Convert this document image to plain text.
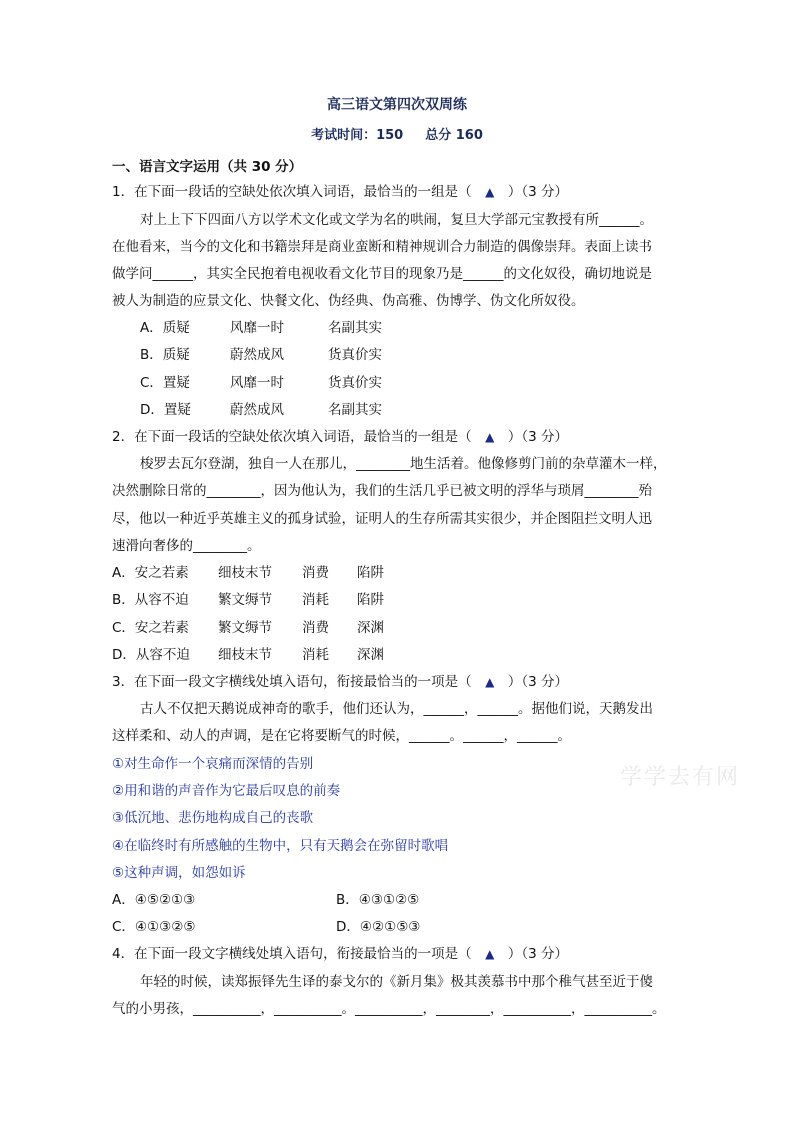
高三语文第四次双周练
考试时间：150 总分 160
一、语言文字运用（共 30 分）
1．在下面一段话的空缺处依次填入词语，最恰当的一组是（　▲　）（3 分）
对上上下下四面八方以学术文化或文学为名的哄闹，复旦大学部元宝教授有所______。
在他看来，当今的文化和书籍崇拜是商业蛮断和精神规训合力制造的偶像崇拜。表面上读书
做学问______，其实全民抱着电视收看文化节目的现象乃是______的文化奴役，确切地说是
被人为制造的应景文化、快餐文化、伪经典、伪高雅、伪博学、伪文化所奴役。
A．质疑	风靡一时	名副其实
B．质疑	蔚然成风	货真价实
C．置疑	风靡一时	货真价实
D．置疑	蔚然成风	名副其实
2．在下面一段话的空缺处依次填入词语，最恰当的一组是（　▲　）（3 分）
梭罗去瓦尔登湖，独自一人在那儿，________地生活着。他像修剪门前的杂草灌木一样，
决然删除日常的________，因为他认为，我们的生活几乎已被文明的浮华与琐屑________殆
尽，他以一种近乎英雄主义的孤身试验，证明人的生存所需其实很少，并企图阻拦文明人迅
速滑向奢侈的________。
A．安之若素 细枝末节 消费 陷阱
B．从容不迫 繁文缛节 消耗 陷阱
C．安之若素 繁文缛节 消费 深渊
D．从容不迫 细枝末节 消耗 深渊
3．在下面一段文字横线处填入语句，衔接最恰当的一项是（　▲　）（3 分）
古人不仅把天鹅说成神奇的歌手，他们还认为，______，______。据他们说，天鹅发出
这样柔和、动人的声调，是在它将要断气的时候，______。______，______。
①对生命作一个哀痛而深情的告别
②用和谐的声音作为它最后叹息的前奏
③低沉地、悲伤地构成自己的丧歌
④在临终时有所感触的生物中，只有天鹅会在弥留时歌唱
⑤这种声调，如怨如诉
A．④⑤②①③	B．④③①②⑤
C．④①③②⑤	D．④②①⑤③
4．在下面一段文字横线处填入语句，衔接最恰当的一项是（　▲　）（3 分）
年轻的时候，读郑振铎先生译的泰戈尔的《新月集》极其羡慕书中那个稚气甚至近于傻
气的小男孩，__________，__________。__________，________，__________，__________。
学学去有网
